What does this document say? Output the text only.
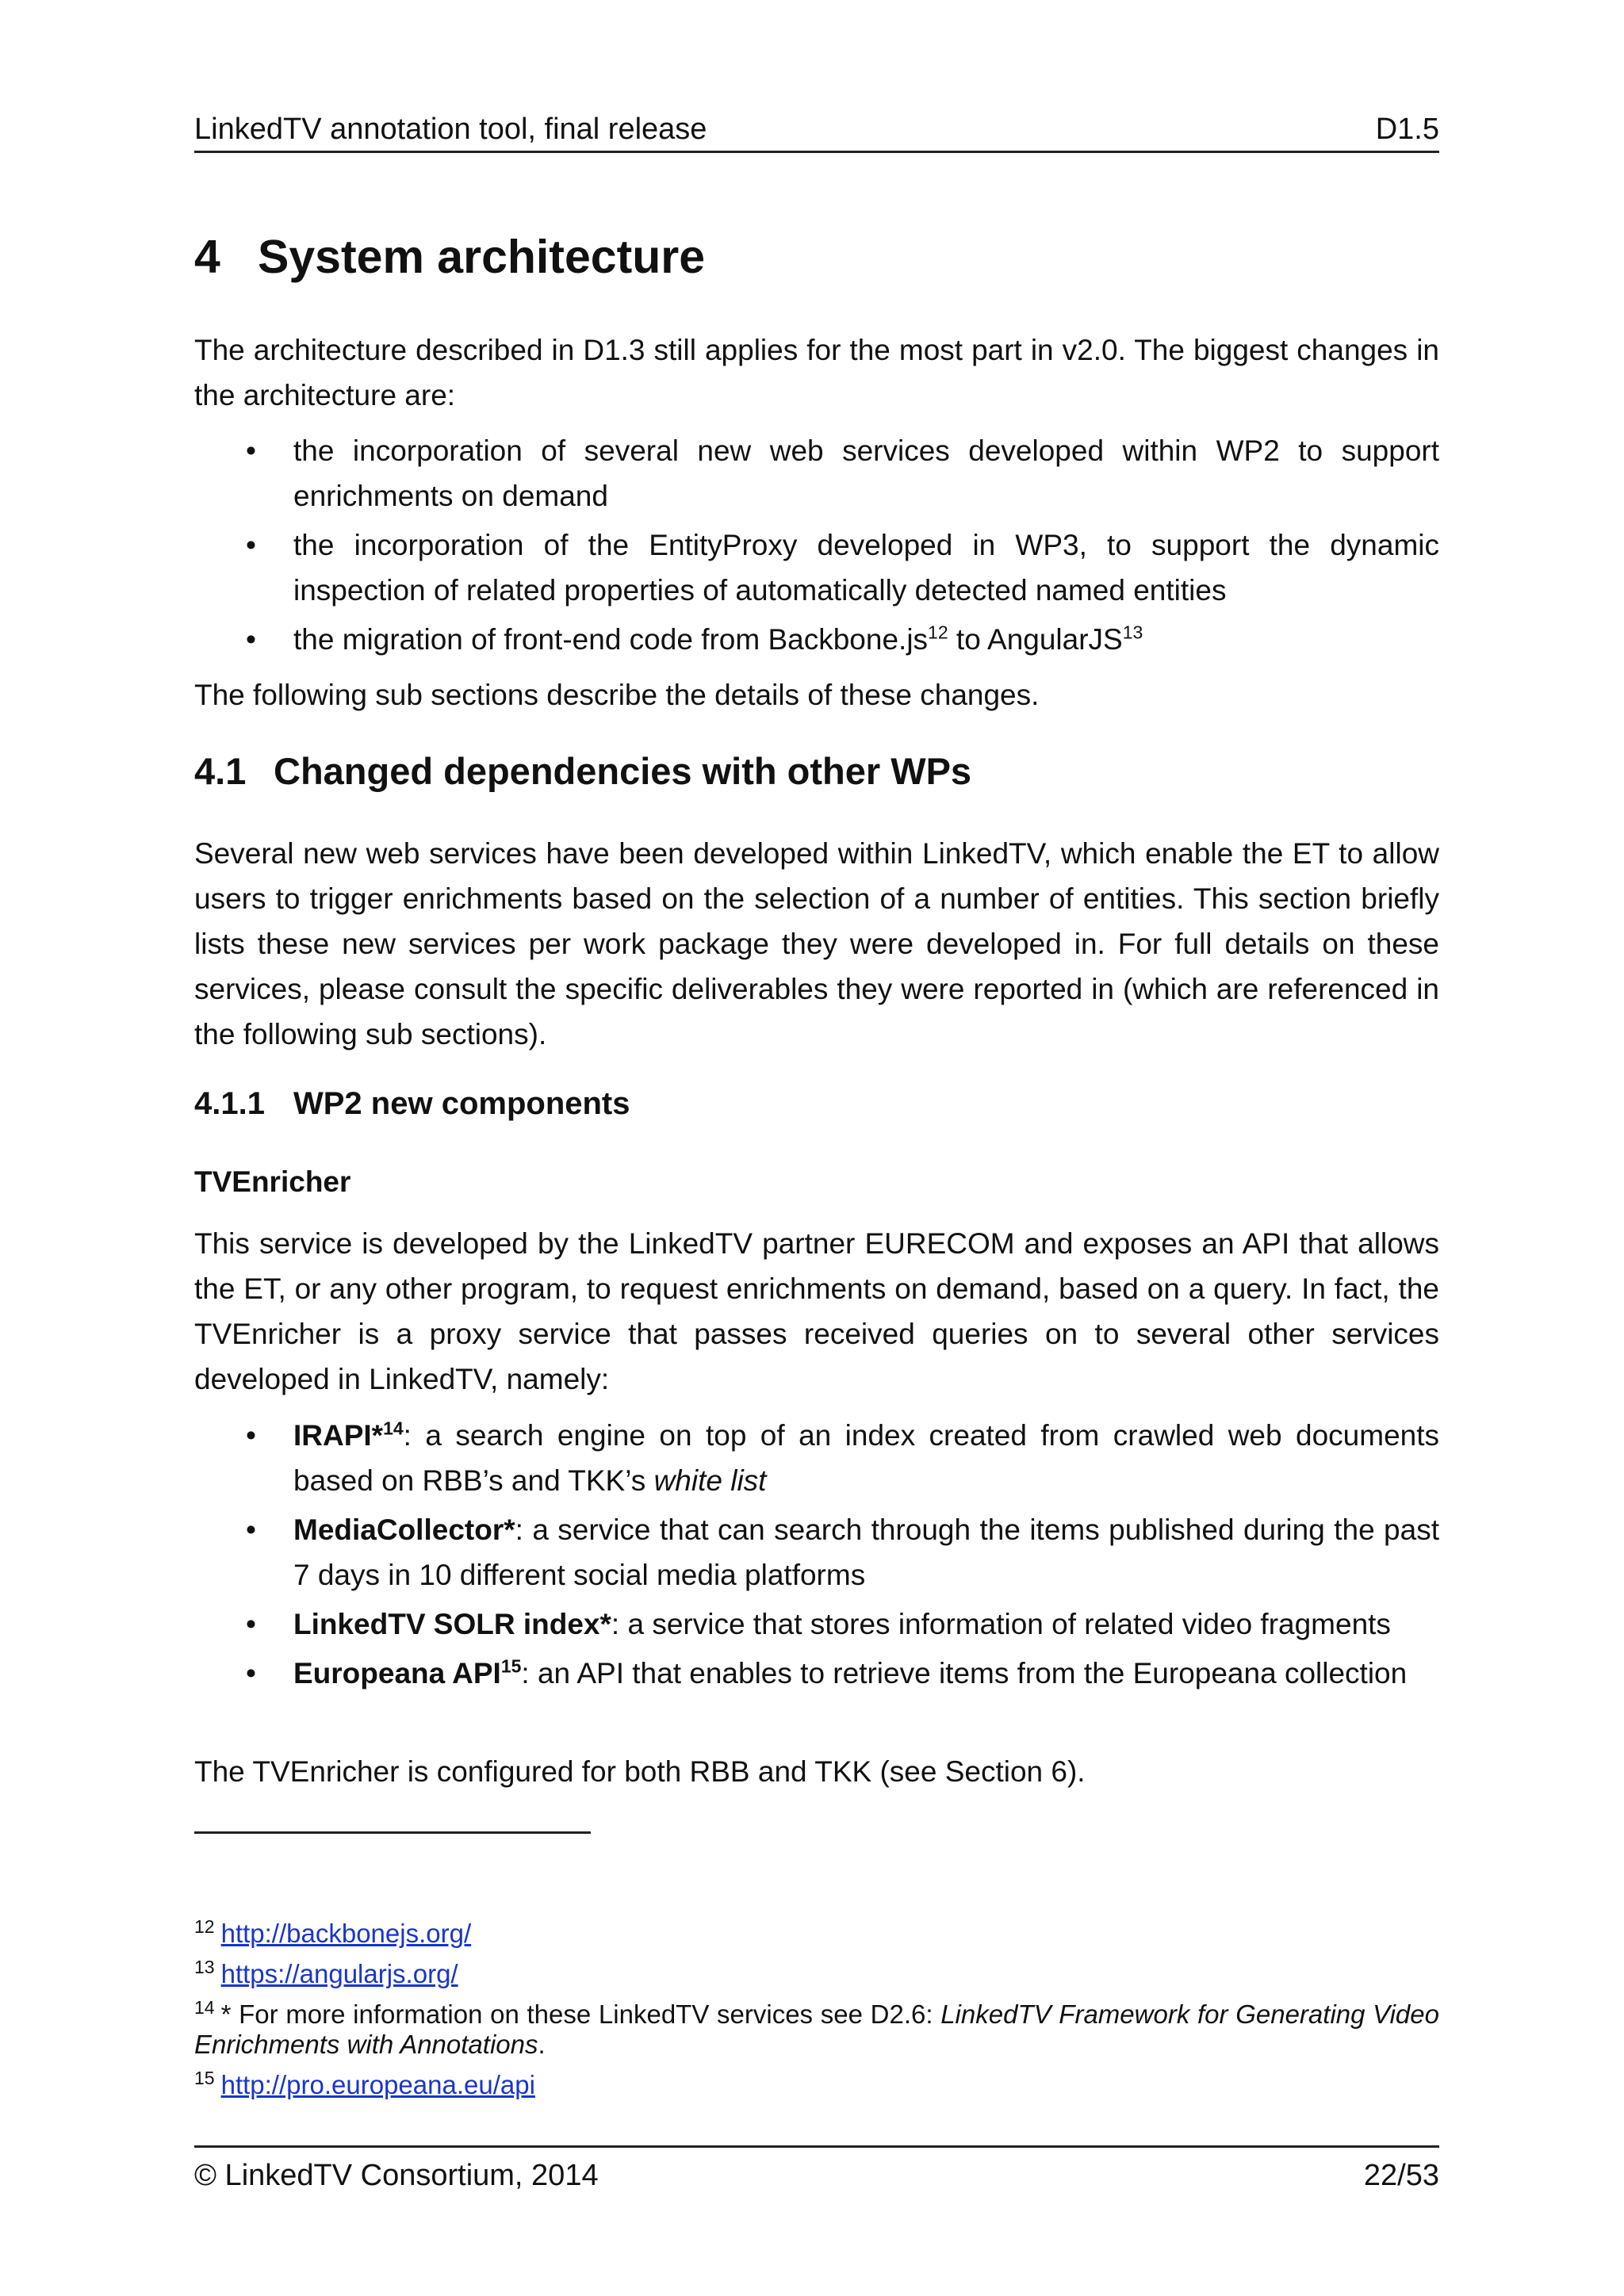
LinkedTV annotation tool, final release	D1.5
4 System architecture
The architecture described in D1.3 still applies for the most part in v2.0. The biggest changes in the architecture are:
• the incorporation of several new web services developed within WP2 to support enrichments on demand
• the incorporation of the EntityProxy developed in WP3, to support the dynamic inspection of related properties of automatically detected named entities
• the migration of front-end code from Backbone.js$^{12}$ to AngularJS$^{13}$
The following sub sections describe the details of these changes.
4.1 Changed dependencies with other WPs
Several new web services have been developed within LinkedTV, which enable the ET to allow users to trigger enrichments based on the selection of a number of entities. This section briefly lists these new services per work package they were developed in. For full details on these services, please consult the specific deliverables they were reported in (which are referenced in the following sub sections).
4.1.1 WP2 new components
TVEnricher
This service is developed by the LinkedTV partner EURECOM and exposes an API that allows the ET, or any other program, to request enrichments on demand, based on a query. In fact, the TVEnricher is a proxy service that passes received queries on to several other services developed in LinkedTV, namely:
• IRAPI*$^{14}$: a search engine on top of an index created from crawled web documents based on RBB’s and TKK’s white list
• MediaCollector*: a service that can search through the items published during the past 7 days in 10 different social media platforms
• LinkedTV SOLR index*: a service that stores information of related video fragments
• Europeana API$^{15}$: an API that enables to retrieve items from the Europeana collection
The TVEnricher is configured for both RBB and TKK (see Section 6).
$^{12}$ http://backbonejs.org/
$^{13}$ https://angularjs.org/
$^{14}$ * For more information on these LinkedTV services see D2.6: LinkedTV Framework for Generating Video Enrichments with Annotations.
$^{15}$ http://pro.europeana.eu/api
© LinkedTV Consortium, 2014	22/53
